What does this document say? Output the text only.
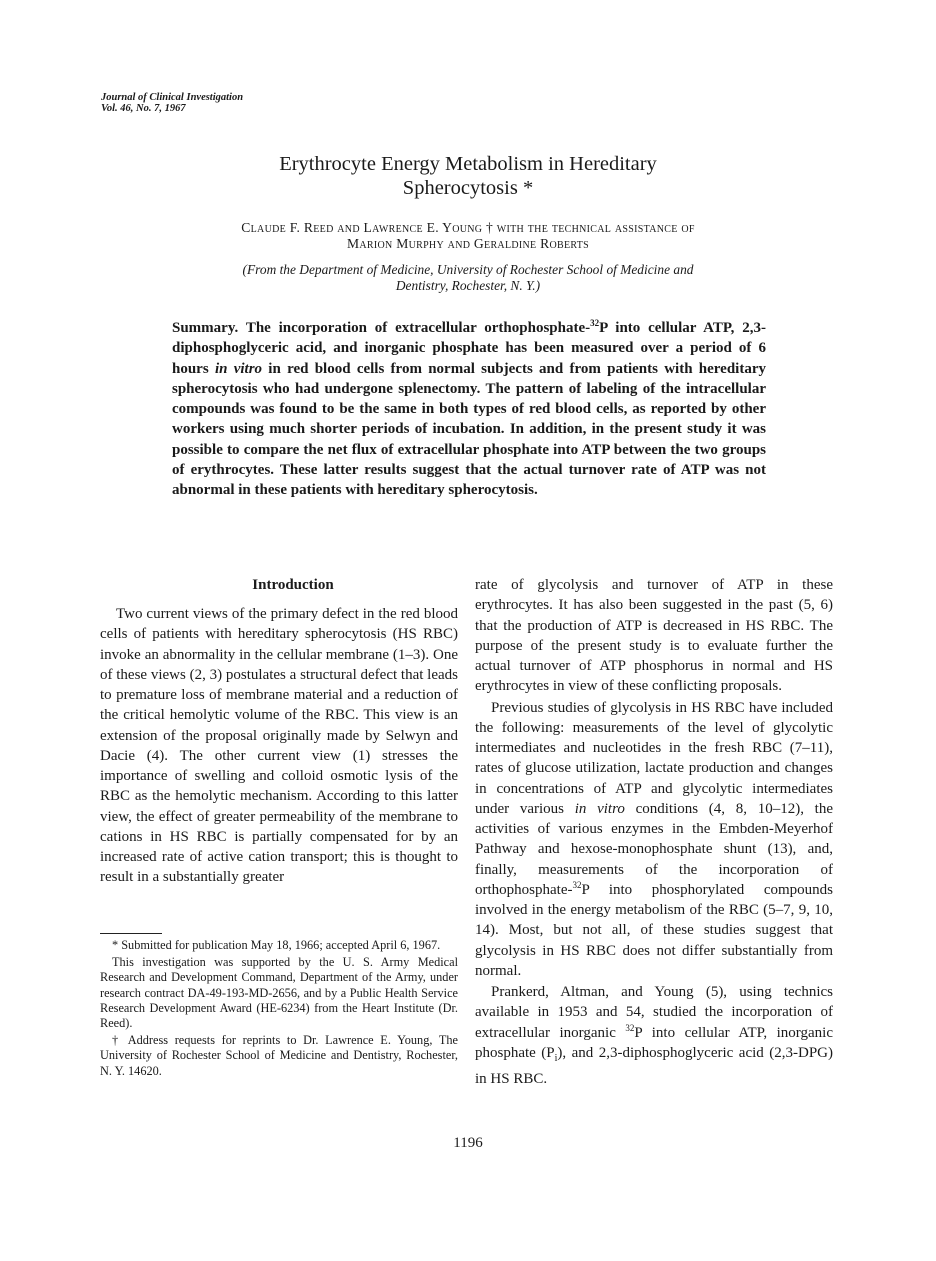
Journal of Clinical Investigation
Vol. 46, No. 7, 1967
Erythrocyte Energy Metabolism in Hereditary
Spherocytosis *
Claude F. Reed and Lawrence E. Young † with the technical assistance of
Marion Murphy and Geraldine Roberts
(From the Department of Medicine, University of Rochester School of Medicine and
Dentistry, Rochester, N. Y.)

Summary. The incorporation of extracellular orthophosphate-$^{32}$P into cellular ATP, 2,3-diphosphoglyceric acid, and inorganic phosphate has been measured over a period of 6 hours in vitro in red blood cells from normal subjects and from patients with hereditary spherocytosis who had undergone splenectomy. The pattern of labeling of the intracellular compounds was found to be the same in both types of red blood cells, as reported by other workers using much shorter periods of incubation. In addition, in the present study it was possible to compare the net flux of extracellular phosphate into ATP between the two groups of erythrocytes. These latter results suggest that the actual turnover rate of ATP was not abnormal in these patients with hereditary spherocytosis.

Introduction

Two current views of the primary defect in the red blood cells of patients with hereditary spherocytosis (HS RBC) invoke an abnormality in the cellular membrane (1–3). One of these views (2, 3) postulates a structural defect that leads to premature loss of membrane material and a reduction of the critical hemolytic volume of the RBC. This view is an extension of the proposal originally made by Selwyn and Dacie (4). The other current view (1) stresses the importance of swelling and colloid osmotic lysis of the RBC as the hemolytic mechanism. According to this latter view, the effect of greater permeability of the membrane to cations in HS RBC is partially compensated for by an increased rate of active cation transport; this is thought to result in a substantially greater

* Submitted for publication May 18, 1966; accepted April 6, 1967.

This investigation was supported by the U. S. Army Medical Research and Development Command, Department of the Army, under research contract DA-49-193-MD-2656, and by a Public Health Service Research Development Award (HE-6234) from the Heart Institute (Dr. Reed).

† Address requests for reprints to Dr. Lawrence E. Young, The University of Rochester School of Medicine and Dentistry, Rochester, N. Y. 14620.

rate of glycolysis and turnover of ATP in these erythrocytes. It has also been suggested in the past (5, 6) that the production of ATP is decreased in HS RBC. The purpose of the present study is to evaluate further the actual turnover of ATP phosphorus in normal and HS erythrocytes in view of these conflicting proposals.

Previous studies of glycolysis in HS RBC have included the following: measurements of the level of glycolytic intermediates and nucleotides in the fresh RBC (7–11), rates of glucose utilization, lactate production and changes in concentrations of ATP and glycolytic intermediates under various in vitro conditions (4, 8, 10–12), the activities of various enzymes in the Embden-Meyerhof Pathway and hexose-monophosphate shunt (13), and, finally, measurements of the incorporation of orthophosphate-$^{32}$P into phosphorylated compounds involved in the energy metabolism of the RBC (5–7, 9, 10, 14). Most, but not all, of these studies suggest that glycolysis in HS RBC does not differ substantially from normal.

Prankerd, Altman, and Young (5), using technics available in 1953 and 54, studied the incorporation of extracellular inorganic $^{32}$P into cellular ATP, inorganic phosphate $(P_i)$, and 2,3-diphosphoglyceric acid (2,3-DPG) in HS RBC.

1196
